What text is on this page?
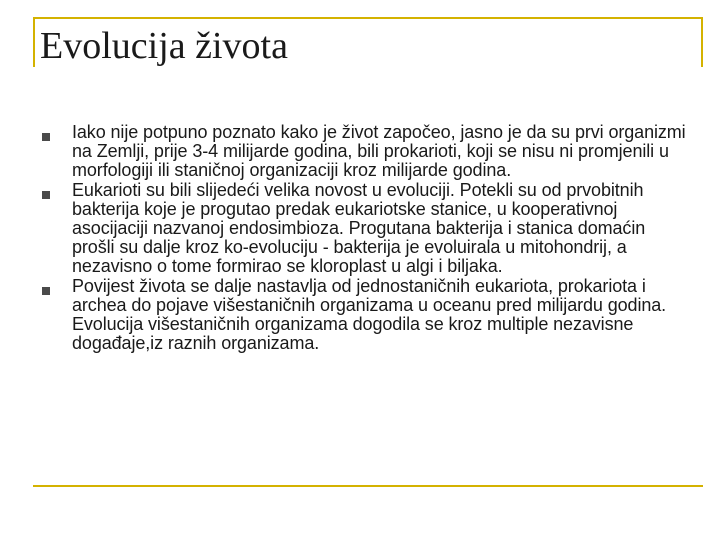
Evolucija života
Iako nije potpuno poznato kako je život započeo, jasno je da su prvi organizmi na Zemlji, prije 3-4 milijarde godina, bili prokarioti, koji se nisu ni promjenili u morfologiji ili staničnoj organizaciji kroz milijarde godina.
Eukarioti su bili slijedeći velika novost u evoluciji. Potekli su od prvobitnih bakterija koje je progutao predak eukariotske stanice, u kooperativnoj asocijaciji nazvanoj endosimbioza. Progutana bakterija i stanica domaćin prošli su dalje kroz ko-evoluciju - bakterija je evoluirala u mitohondrij, a nezavisno o tome formirao se kloroplast u algi i biljaka.
Povijest života se dalje nastavlja od jednostaničnih eukariota, prokariota i archea do pojave višestaničnih organizama u oceanu pred milijardu godina. Evolucija višestaničnih organizama dogodila se kroz multiple nezavisne događaje,iz raznih organizama.
